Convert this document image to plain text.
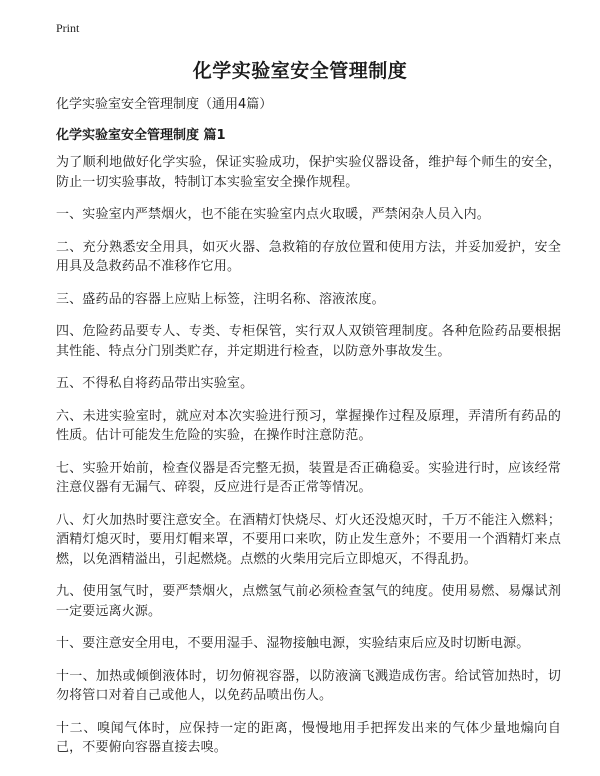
Print
化学实验室安全管理制度

化学实验室安全管理制度（通用4篇）

化学实验室安全管理制度 篇1

为了顺利地做好化学实验，保证实验成功，保护实验仪器设备，维护每个师生的安全，防止一切实验事故，特制订本实验室安全操作规程。

一、实验室内严禁烟火，也不能在实验室内点火取暖，严禁闲杂人员入内。

二、充分熟悉安全用具，如灭火器、急救箱的存放位置和使用方法，并妥加爱护，安全用具及急救药品不准移作它用。

三、盛药品的容器上应贴上标签，注明名称、溶液浓度。

四、危险药品要专人、专类、专柜保管，实行双人双锁管理制度。各种危险药品要根据其性能、特点分门别类贮存，并定期进行检查，以防意外事故发生。

五、不得私自将药品带出实验室。

六、未进实验室时，就应对本次实验进行预习，掌握操作过程及原理，弄清所有药品的性质。估计可能发生危险的实验，在操作时注意防范。

七、实验开始前，检查仪器是否完整无损，装置是否正确稳妥。实验进行时，应该经常注意仪器有无漏气、碎裂，反应进行是否正常等情况。

八、灯火加热时要注意安全。在酒精灯快烧尽、灯火还没熄灭时，千万不能注入燃料；酒精灯熄灭时，要用灯帽来罩，不要用口来吹，防止发生意外；不要用一个酒精灯来点燃，以免酒精溢出，引起燃烧。点燃的火柴用完后立即熄灭，不得乱扔。

九、使用氢气时，要严禁烟火，点燃氢气前必须检查氢气的纯度。使用易燃、易爆试剂一定要远离火源。

十、要注意安全用电，不要用湿手、湿物接触电源，实验结束后应及时切断电源。

十一、加热或倾倒液体时，切勿俯视容器，以防液滴飞溅造成伤害。给试管加热时，切勿将管口对着自己或他人，以免药品喷出伤人。

十二、嗅闻气体时，应保持一定的距离，慢慢地用手把挥发出来的气体少量地煽向自己，不要俯向容器直接去嗅。
